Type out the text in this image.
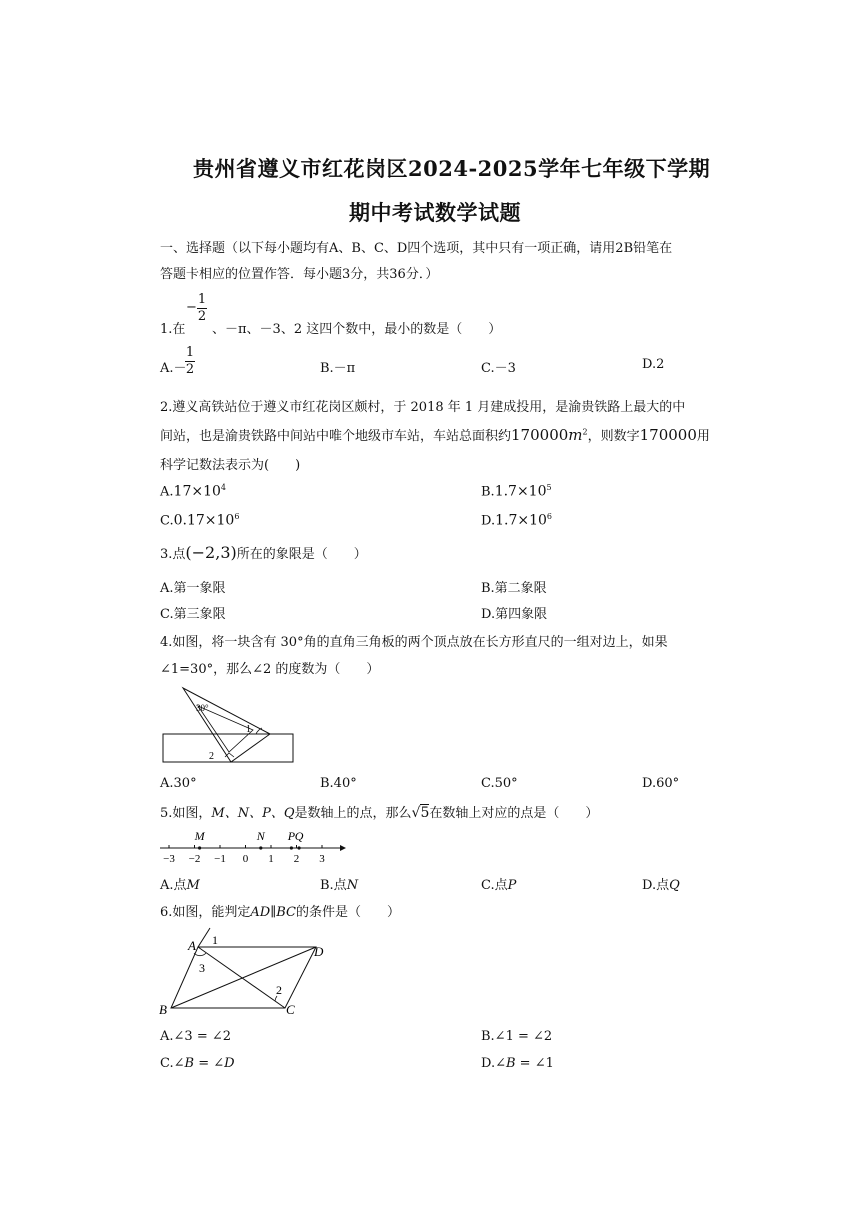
贵州省遵义市红花岗区2024-2025学年七年级下学期
期中考试数学试题
一、选择题（以下每小题均有A、B、C、D四个选项，其中只有一项正确，请用2B铅笔在
答题卡相应的位置作答．每小题3分，共36分．）
−
1
2
1.在 、－π、－3、2 这四个数中，最小的数是（　　）
A.－
1
2	B.－π	C.－3	D.2
2.遵义高铁站位于遵义市红花岗区颇村，于 2018 年 1 月建成投用，是渝贵铁路上最大的中
间站，也是渝贵铁路中间站中唯个地级市车站，车站总面积约$170000m^2$，则数字170000用
科学记数法表示为(　　)
$A.17\times 10^4$	$B.1.7\times 10^5$
$C.0.17\times 10^6$	$D.1.7\times 10^6$
3.点(−2,3)所在的象限是（　　）
A.第一象限	B.第二象限
C.第三象限	D.第四象限
4.如图，将一块含有 30°角的直角三角板的两个顶点放在长方形直尺的一组对边上，如果
∠1=30°，那么∠2 的度数为（　　）
30°
1
2
A.30°	B.40°	C.50°	D.60°
5.如图，M、N、P、Q是数轴上的点，那么√5在数轴上对应的点是（　　）
−3 −2 −1 0 1 2 3
M	N P Q
A.点M	B.点N	C.点P	D.点Q
6.如图，能判定AD∥BC的条件是（　　）
A	D
B	C
1
2
3
A.∠3 = ∠2	B.∠1 = ∠2
C.∠B = ∠D	D.∠B = ∠1
